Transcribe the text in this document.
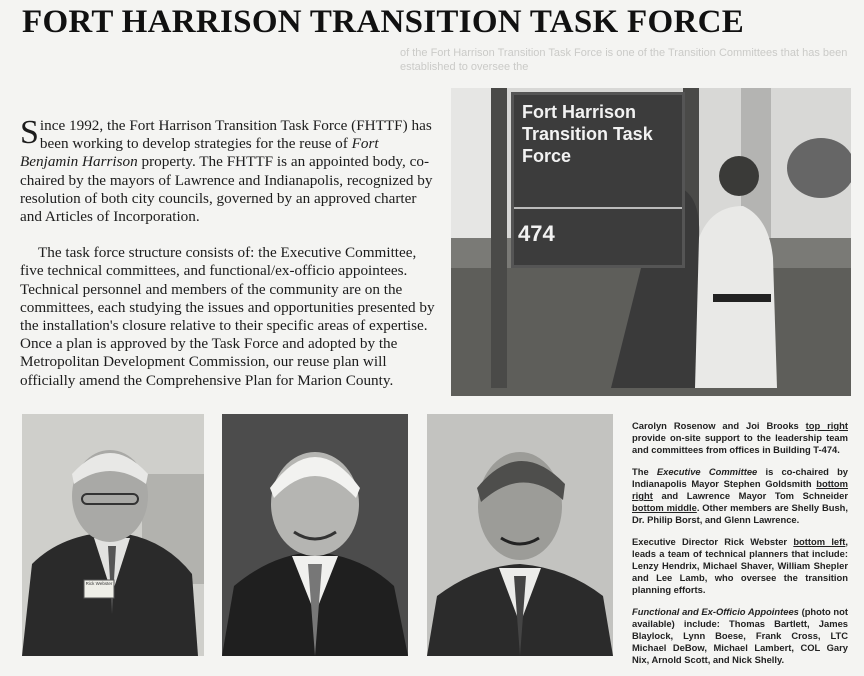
FORT HARRISON TRANSITION TASK FORCE
of the Fort Harrison Transition Task Force is one of the Transition Committees that has been established to oversee the

Since 1992, the Fort Harrison Transition Task Force (FHTTF) has been working to develop strategies for the reuse of Fort Benjamin Harrison property. The FHTTF is an appointed body, co-chaired by the mayors of Lawrence and Indianapolis, recognized by resolution of both city councils, governed by an approved charter and Articles of Incorporation.

The task force structure consists of: the Executive Committee, five technical committees, and functional/ex-officio appointees. Technical personnel and members of the community are on the committees, each studying the issues and opportunities presented by the installation's closure relative to their specific areas of expertise. Once a plan is approved by the Task Force and adopted by the Metropolitan Development Commission, our reuse plan will officially amend the Comprehensive Plan for Marion County.

Fort Harrison
Transition Task
Force
474
Rick Webster

Carolyn Rosenow and Joi Brooks top right provide on-site support to the leadership team and committees from offices in Building T-474.

The Executive Committee is co-chaired by Indianapolis Mayor Stephen Goldsmith bottom right and Lawrence Mayor Tom Schneider bottom middle. Other members are Shelly Bush, Dr. Philip Borst, and Glenn Lawrence.

Executive Director Rick Webster bottom left, leads a team of technical planners that include: Lenzy Hendrix, Michael Shaver, William Shepler and Lee Lamb, who oversee the transition planning efforts.

Functional and Ex-Officio Appointees (photo not available) include: Thomas Bartlett, James Blaylock, Lynn Boese, Frank Cross, LTC Michael DeBow, Michael Lambert, COL Gary Nix, Arnold Scott, and Nick Shelly.
